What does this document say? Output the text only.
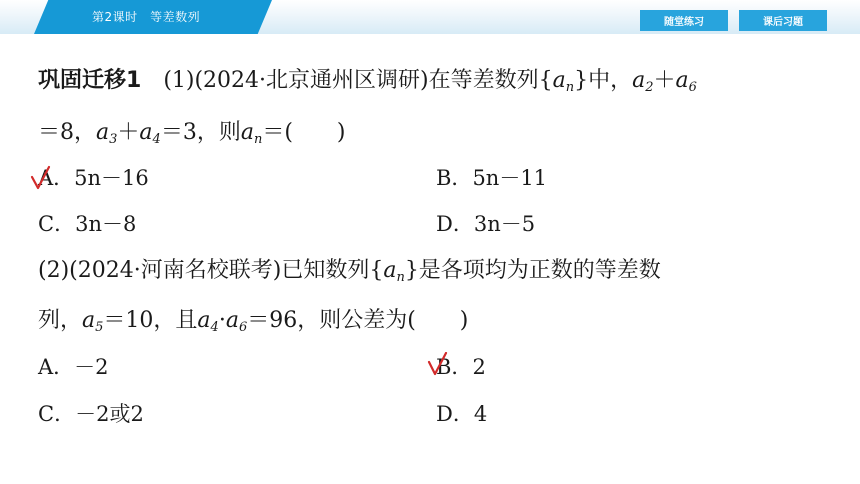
第2课时　等差数列	随堂练习	课后习题
巩固迁移1 (1)(2024·北京通州区调研)在等差数列$\{a_n\}$中，$a_2+a_6$
＝8，$a_3+a_4=3$，则$a_n=$(　　)
A．5n－16	B．5n－11
C．3n－8	D．3n－5
(2)(2024·河南名校联考)已知数列$\{a_n\}$是各项均为正数的等差数
列，$a_5=10$，且$a_4\cdot a_6=96$，则公差为(　　)
A．－2	B．2
C．－2或2	D．4
